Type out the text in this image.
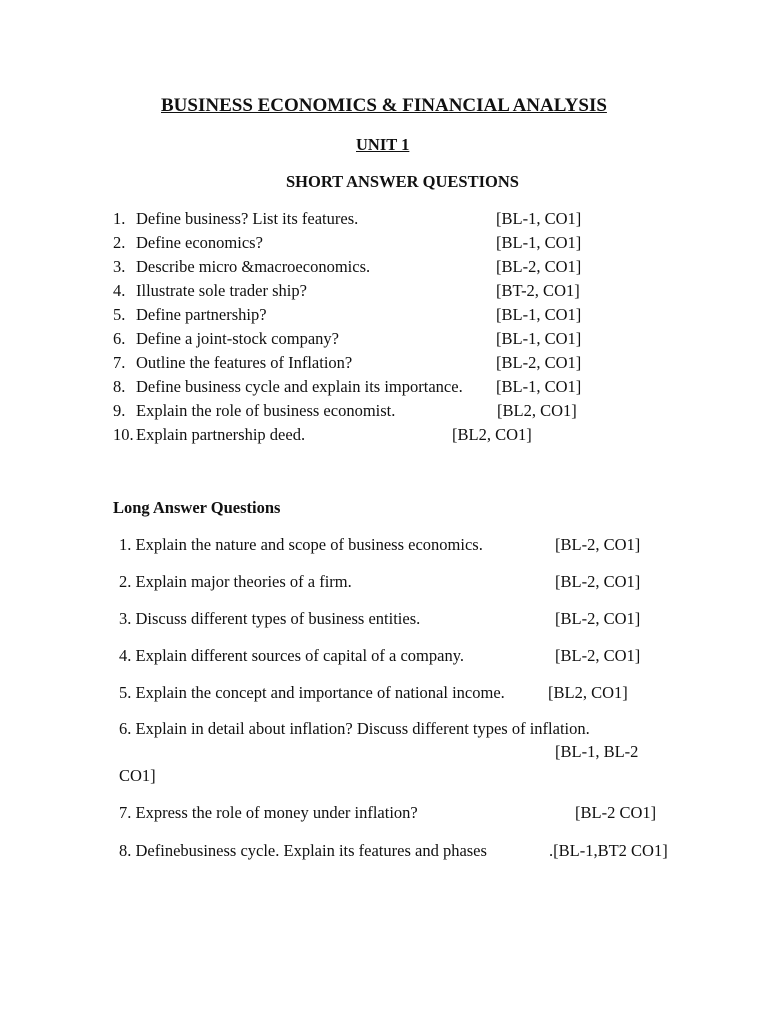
BUSINESS ECONOMICS & FINANCIAL ANALYSIS
UNIT 1
SHORT ANSWER QUESTIONS
1. Define business? List its features.	[BL-1, CO1]
2. Define economics?	[BL-1, CO1]
3. Describe micro &macroeconomics.	[BL-2, CO1]
4. Illustrate sole trader ship?	[BT-2, CO1]
5. Define partnership?	[BL-1, CO1]
6. Define a joint-stock company?	[BL-1, CO1]
7. Outline the features of Inflation?	[BL-2, CO1]
8. Define business cycle and explain its importance. [BL-1, CO1]
9. Explain the role of business economist.	[BL2, CO1]
10. Explain partnership deed.	[BL2, CO1]
Long Answer Questions
1. Explain the nature and scope of business economics.	[BL-2, CO1]
2. Explain major theories of a firm.	[BL-2, CO1]
3. Discuss different types of business entities.	[BL-2, CO1]
4. Explain different sources of capital of a company.	[BL-2, CO1]
5. Explain the concept and importance of national income.	[BL2, CO1]
6. Explain in detail about inflation? Discuss different types of inflation.
[BL-1, BL-2
CO1]
7. Express the role of money under inflation?	[BL-2 CO1]
8. Definebusiness cycle. Explain its features and phases	.[BL-1,BT2 CO1]
